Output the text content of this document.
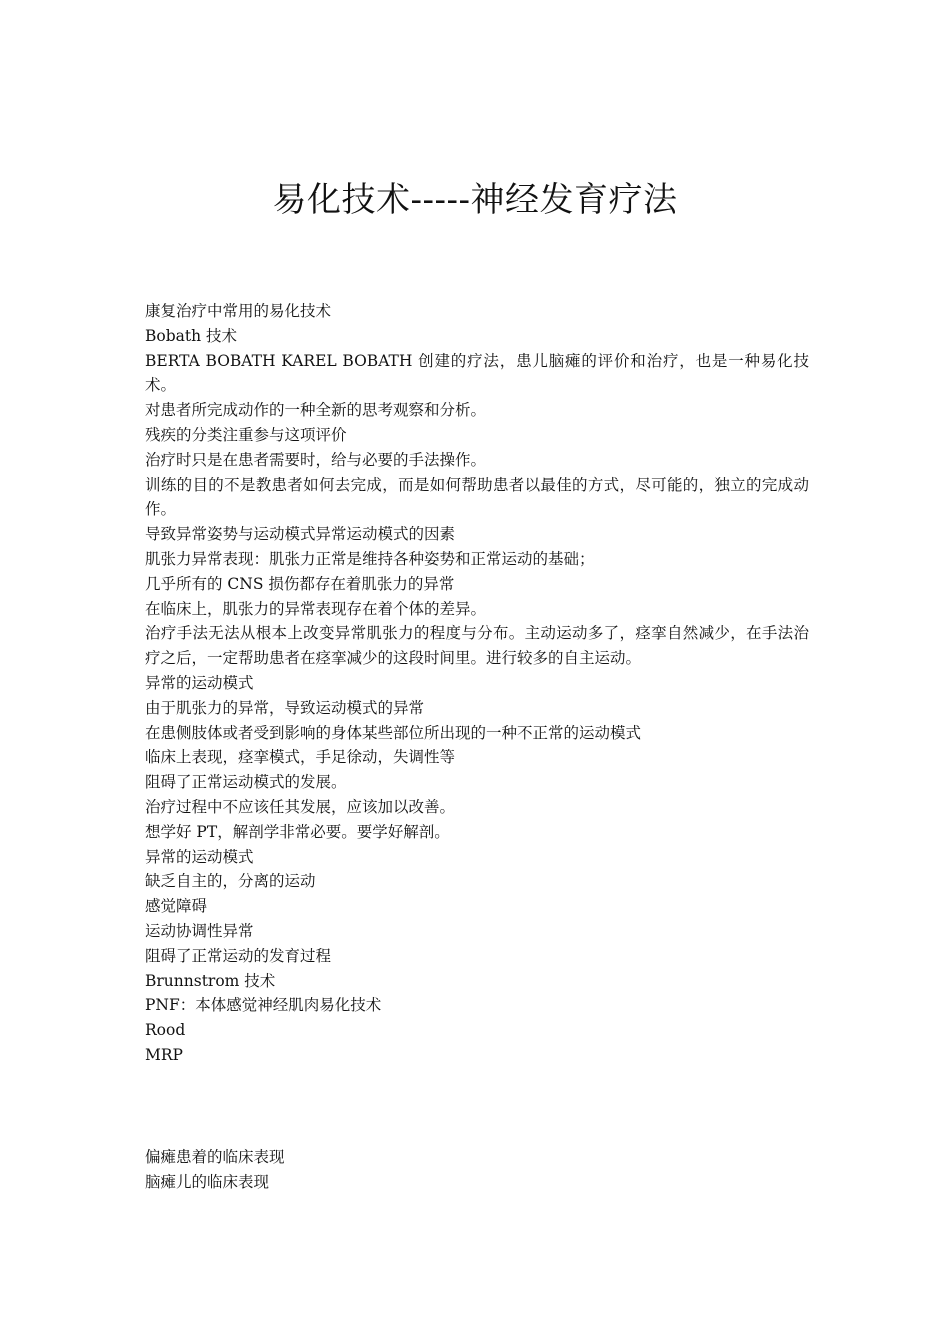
易化技术-----神经发育疗法

康复治疗中常用的易化技术

Bobath 技术

BERTA BOBATH KAREL BOBATH 创建的疗法，患儿脑瘫的评价和治疗，也是一种易化技术。

对患者所完成动作的一种全新的思考观察和分析。

残疾的分类注重参与这项评价

治疗时只是在患者需要时，给与必要的手法操作。

训练的目的不是教患者如何去完成，而是如何帮助患者以最佳的方式，尽可能的，独立的完成动作。

导致异常姿势与运动模式异常运动模式的因素

肌张力异常表现：肌张力正常是维持各种姿势和正常运动的基础；

几乎所有的 CNS 损伤都存在着肌张力的异常

在临床上，肌张力的异常表现存在着个体的差异。

治疗手法无法从根本上改变异常肌张力的程度与分布。主动运动多了，痉挛自然减少，在手法治疗之后，一定帮助患者在痉挛减少的这段时间里。进行较多的自主运动。

异常的运动模式

由于肌张力的异常，导致运动模式的异常

在患侧肢体或者受到影响的身体某些部位所出现的一种不正常的运动模式

临床上表现，痉挛模式，手足徐动，失调性等

阻碍了正常运动模式的发展。

治疗过程中不应该任其发展，应该加以改善。

想学好 PT，解剖学非常必要。要学好解剖。

异常的运动模式

缺乏自主的，分离的运动

感觉障碍

运动协调性异常

阻碍了正常运动的发育过程

Brunnstrom 技术

PNF：本体感觉神经肌肉易化技术

Rood

MRP

偏瘫患着的临床表现

脑瘫儿的临床表现
